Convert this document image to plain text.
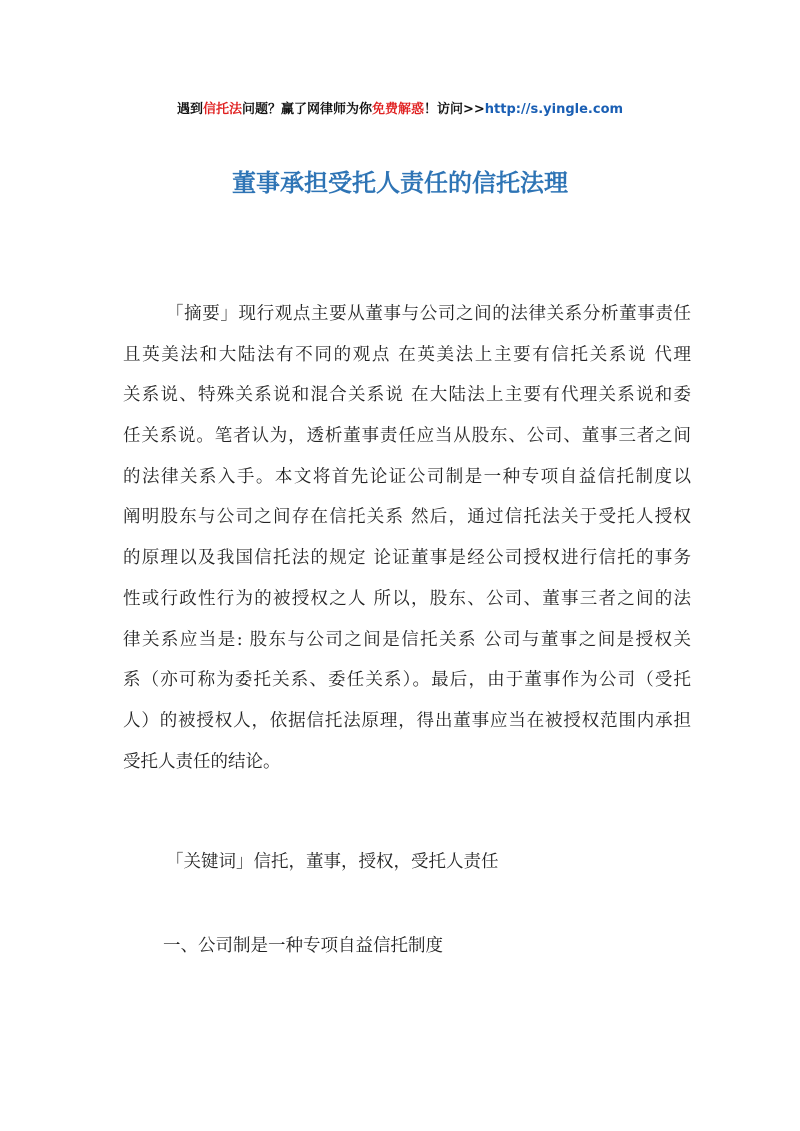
遇到信托法问题？赢了网律师为你免费解惑！访问>>http://s.yingle.com
董事承担受托人责任的信托法理
「摘要」现行观点主要从董事与公司之间的法律关系分析董事责任
且英美法和大陆法有不同的观点 在英美法上主要有信托关系说 代理
关系说、特殊关系说和混合关系说 在大陆法上主要有代理关系说和委
任关系说。笔者认为，透析董事责任应当从股东、公司、董事三者之间
的法律关系入手。本文将首先论证公司制是一种专项自益信托制度以
阐明股东与公司之间存在信托关系 然后，通过信托法关于受托人授权
的原理以及我国信托法的规定 论证董事是经公司授权进行信托的事务
性或行政性行为的被授权之人 所以，股东、公司、董事三者之间的法
律关系应当是: 股东与公司之间是信托关系 公司与董事之间是授权关
系（亦可称为委托关系、委任关系）。最后，由于董事作为公司（受托
人）的被授权人，依据信托法原理，得出董事应当在被授权范围内承担
受托人责任的结论。
「关键词」信托，董事，授权，受托人责任
一、公司制是一种专项自益信托制度
